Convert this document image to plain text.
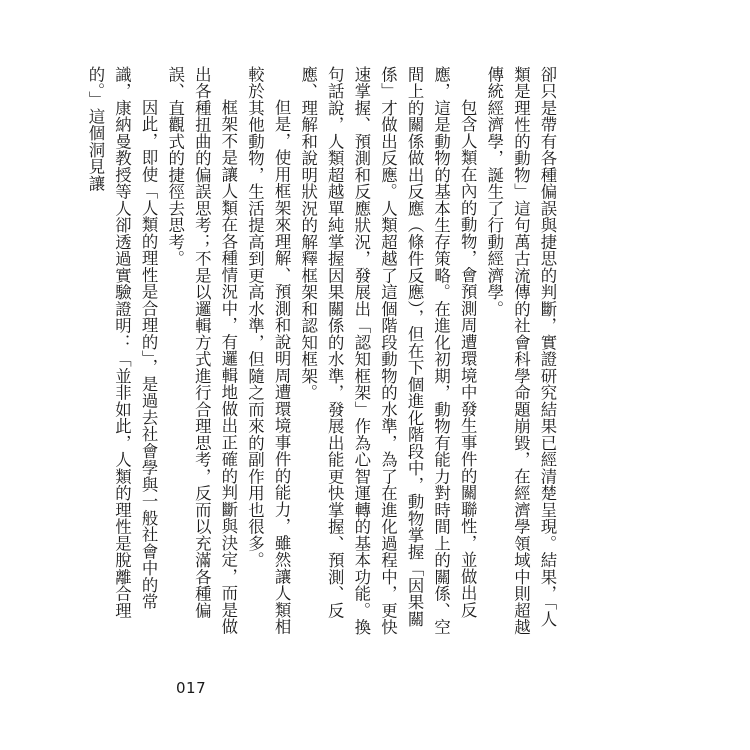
卻只是帶有各種偏誤與捷思的判斷，實證研究結果已經清楚呈現。結果，「人類是理性的動物」這句萬古流傳的社會科學命題崩毀，在經濟學領域中則超越傳統經濟學，誕生了行動經濟學。

包含人類在內的動物，會預測周遭環境中發生事件的關聯性，並做出反應，這是動物的基本生存策略。在進化初期，動物有能力對時間上的關係、空間上的關係做出反應（條件反應），但在下個進化階段中，動物掌握「因果關係」才做出反應。人類超越了這個階段動物的水準，為了在進化過程中，更快速掌握、預測和反應狀況，發展出「認知框架」作為心智運轉的基本功能。換句話說，人類超越單純掌握因果關係的水準，發展出能更快掌握、預測、反應、理解和說明狀況的解釋框架和認知框架。

但是，使用框架來理解、預測和說明周遭環境事件的能力，雖然讓人類相較於其他動物，生活提高到更高水準，但隨之而來的副作用也很多。

框架不是讓人類在各種情況中，有邏輯地做出正確的判斷與決定，而是做出各種扭曲的偏誤思考；不是以邏輯方式進行合理思考，反而以充滿各種偏誤、直觀式的捷徑去思考。

因此，即使「人類的理性是合理的」，是過去社會學與一般社會中的常識，康納曼教授等人卻透過實驗證明：「並非如此，人類的理性是脫離合理的。」這個洞見讓

017
